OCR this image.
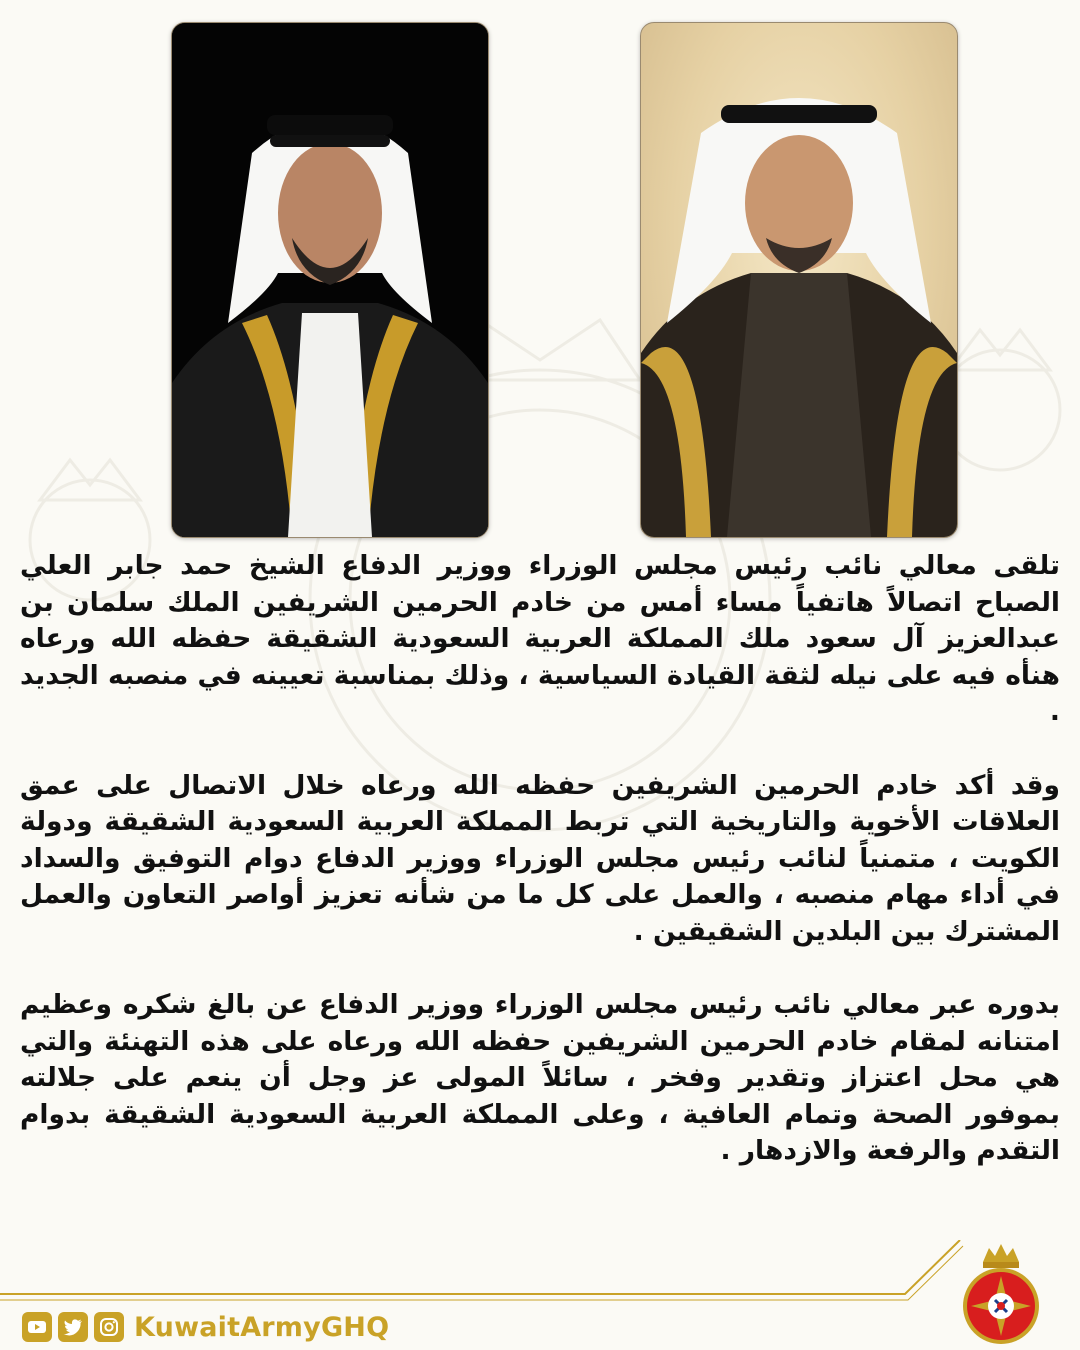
تلقى معالي نائب رئيس مجلس الوزراء ووزير الدفاع الشيخ حمد جابر العلي الصباح اتصالاً هاتفياً مساء أمس من خادم الحرمين الشريفين الملك سلمان بن عبدالعزيز آل سعود ملك المملكة العربية السعودية الشقيقة حفظه الله ورعاه هنأه فيه على نيله لثقة القيادة السياسية ، وذلك بمناسبة تعيينه في منصبه الجديد .

وقد أكد خادم الحرمين الشريفين حفظه الله ورعاه خلال الاتصال على عمق العلاقات الأخوية والتاريخية التي تربط المملكة العربية السعودية الشقيقة ودولة الكويت ، متمنياً لنائب رئيس مجلس الوزراء ووزير الدفاع دوام التوفيق والسداد في أداء مهام منصبه ، والعمل على كل ما من شأنه تعزيز أواصر التعاون والعمل المشترك بين البلدين الشقيقين .

بدوره عبر معالي نائب رئيس مجلس الوزراء ووزير الدفاع عن بالغ شكره وعظيم امتنانه لمقام خادم الحرمين الشريفين حفظه الله ورعاه على هذه التهنئة والتي هي محل اعتزاز وتقدير وفخر ، سائلاً المولى عز وجل أن ينعم على جلالته بموفور الصحة وتمام العافية ، وعلى المملكة العربية السعودية الشقيقة بدوام التقدم والرفعة والازدهار .

KuwaitArmyGHQ
